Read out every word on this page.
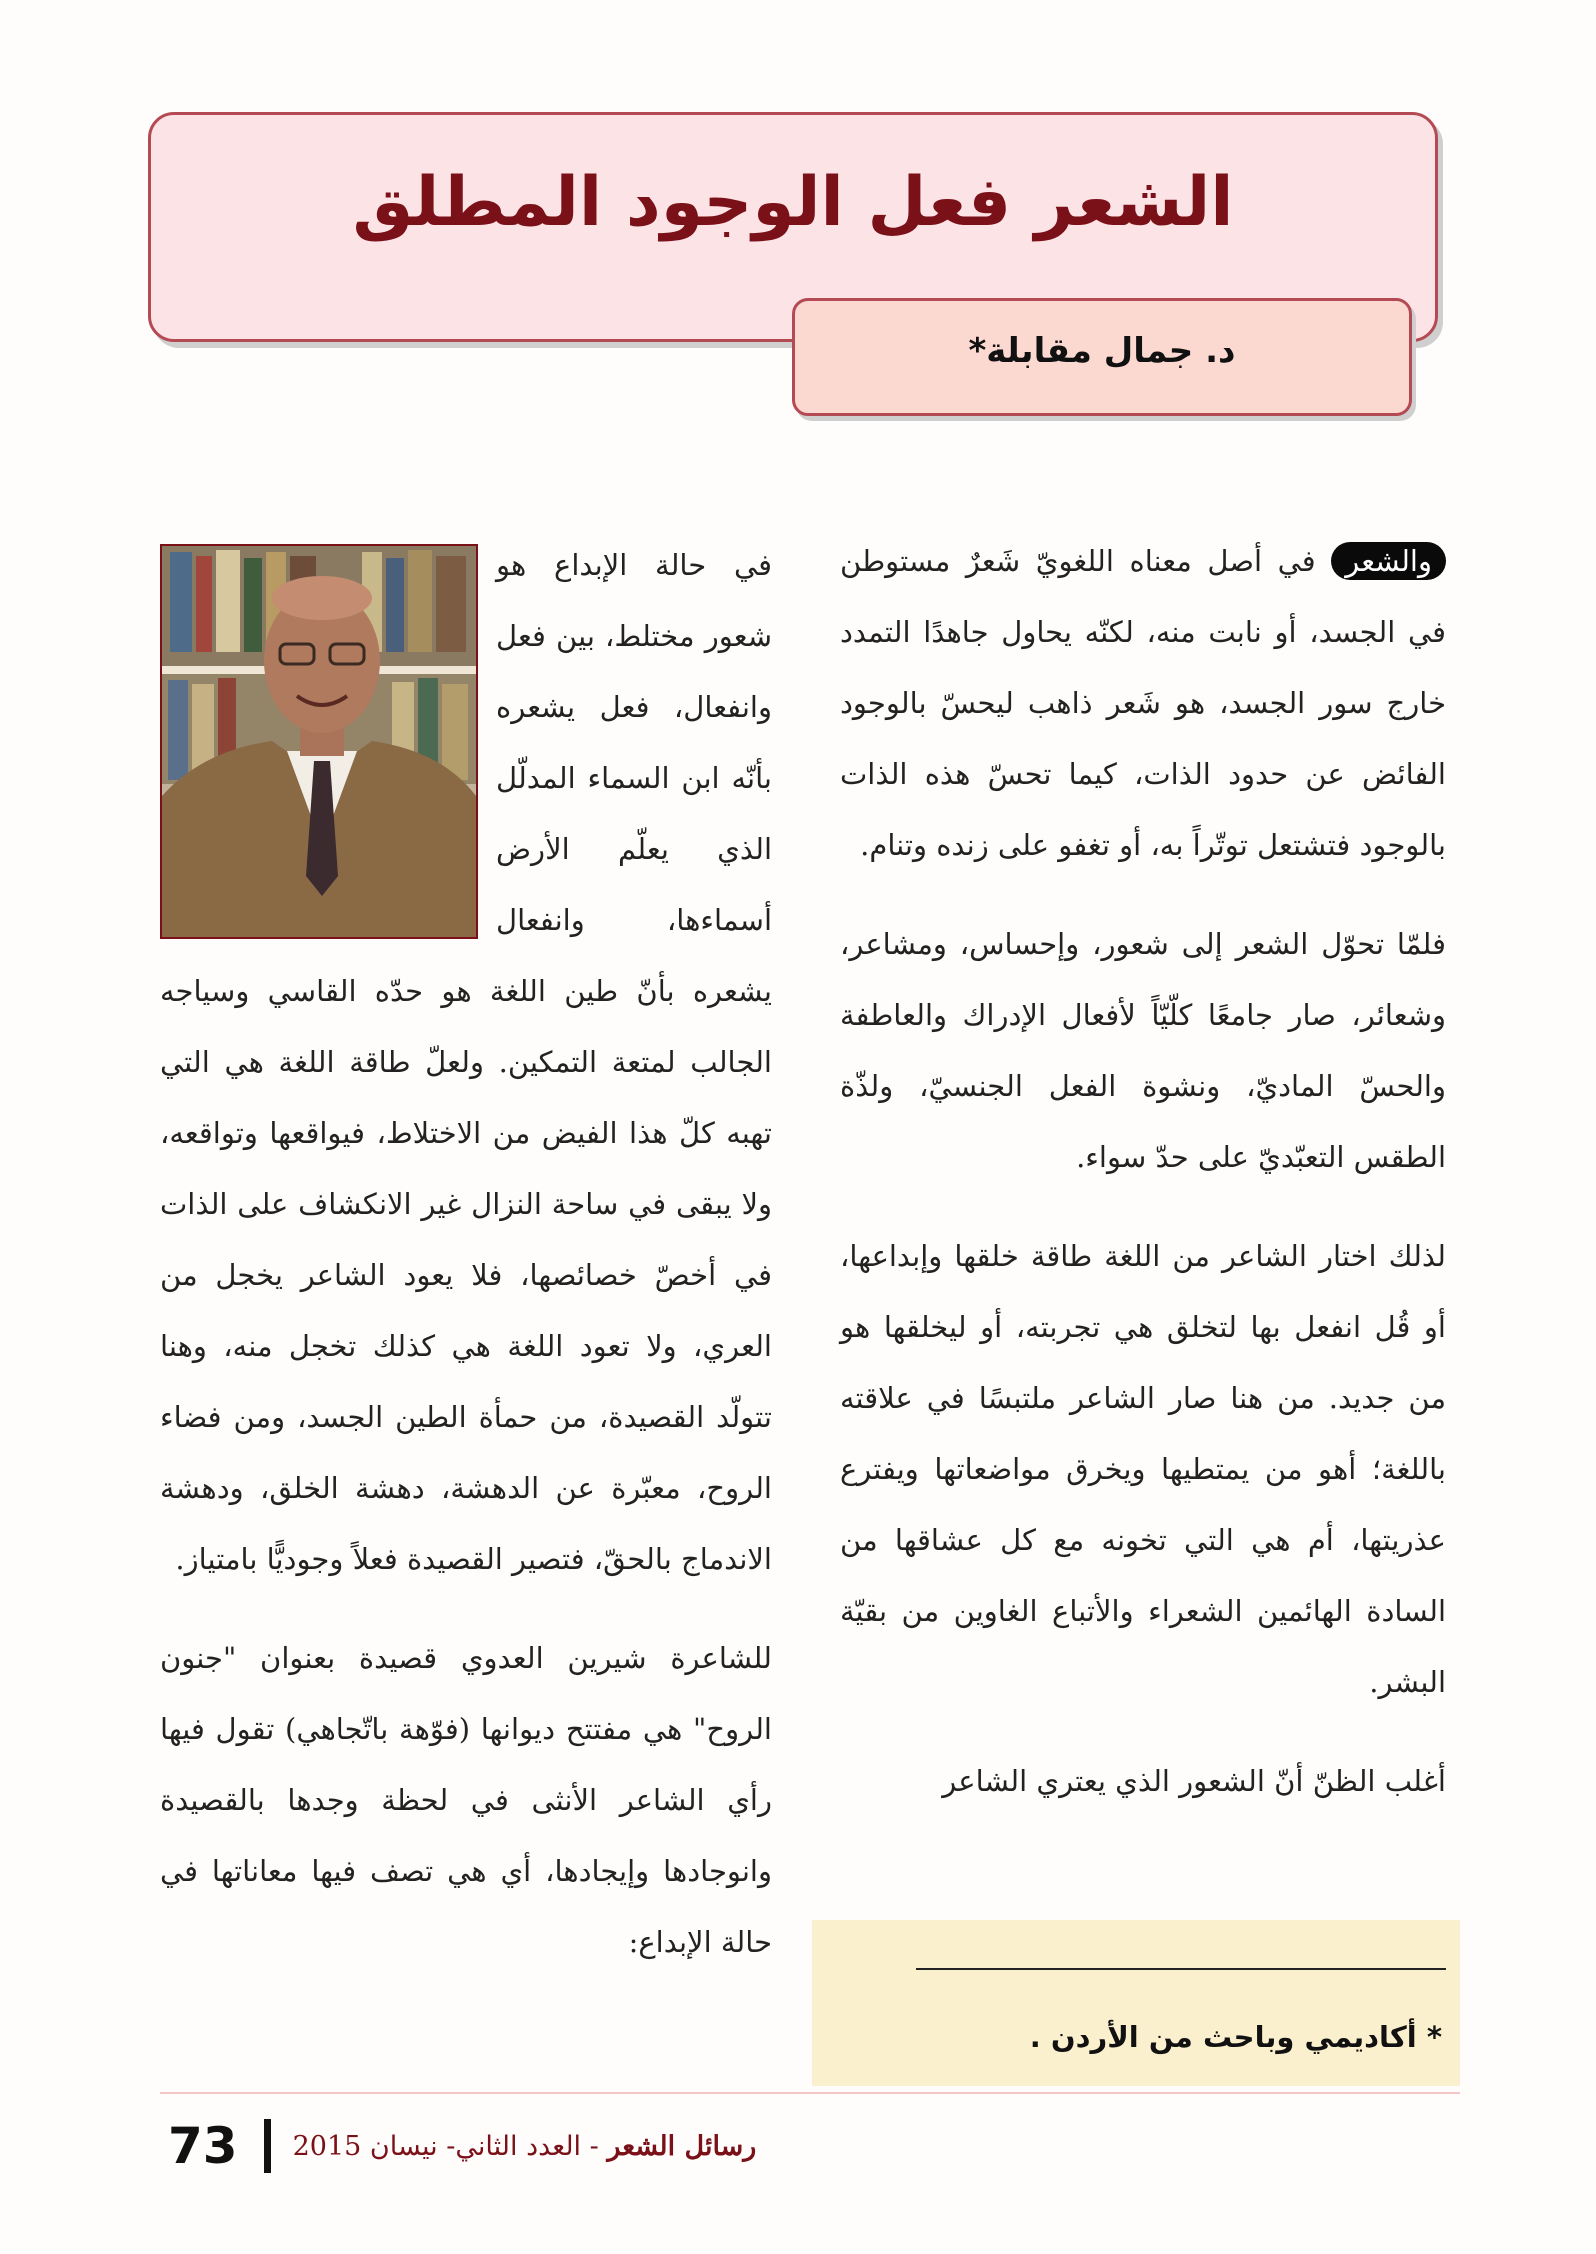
الشعر فعل الوجود المطلق
د. جمال مقابلة*

والشعر في أصل معناه اللغويّ شَعرٌ مستوطن في الجسد، أو نابت منه، لكنّه يحاول جاهدًا التمدد خارج سور الجسد، هو شَعر ذاهب ليحسّ بالوجود الفائض عن حدود الذات، كيما تحسّ هذه الذات بالوجود فتشتعل توتّراً به، أو تغفو على زنده وتنام.

فلمّا تحوّل الشعر إلى شعور، وإحساس، ومشاعر، وشعائر، صار جامعًا كلّيّاً لأفعال الإدراك والعاطفة والحسّ الماديّ، ونشوة الفعل الجنسيّ، ولذّة الطقس التعبّديّ على حدّ سواء.

لذلك اختار الشاعر من اللغة طاقة خلقها وإبداعها، أو قُل انفعل بها لتخلق هي تجربته، أو ليخلقها هو من جديد. من هنا صار الشاعر ملتبسًا في علاقته باللغة؛ أهو من يمتطيها ويخرق مواضعاتها ويفترع عذريتها، أم هي التي تخونه مع كل عشاقها من السادة الهائمين الشعراء والأتباع الغاوين من بقيّة البشر.

أغلب الظنّ أنّ الشعور الذي يعتري الشاعر

في حالة الإبداع هو شعور مختلط، بين فعل وانفعال، فعل يشعره بأنّه ابن السماء المدلّل الذي يعلّم الأرض أسماءها، وانفعال يشعره بأنّ طين اللغة هو حدّه القاسي وسياجه الجالب لمتعة التمكين. ولعلّ طاقة اللغة هي التي تهبه كلّ هذا الفيض من الاختلاط، فيواقعها وتواقعه، ولا يبقى في ساحة النزال غير الانكشاف على الذات في أخصّ خصائصها، فلا يعود الشاعر يخجل من العري، ولا تعود اللغة هي كذلك تخجل منه، وهنا تتولّد القصيدة، من حمأة الطين الجسد، ومن فضاء الروح، معبّرة عن الدهشة، دهشة الخلق، ودهشة الاندماج بالحقّ، فتصير القصيدة فعلاً وجوديًّا بامتياز.

للشاعرة شيرين العدوي قصيدة بعنوان "جنون الروح" هي مفتتح ديوانها (فوّهة باتّجاهي) تقول فيها رأي الشاعر الأنثى في لحظة وجدها بالقصيدة وانوجادها وإيجادها، أي هي تصف فيها معاناتها في حالة الإبداع:

* أكاديمي وباحث من الأردن .
73	رسائل الشعر - العدد الثاني- نيسان 2015
